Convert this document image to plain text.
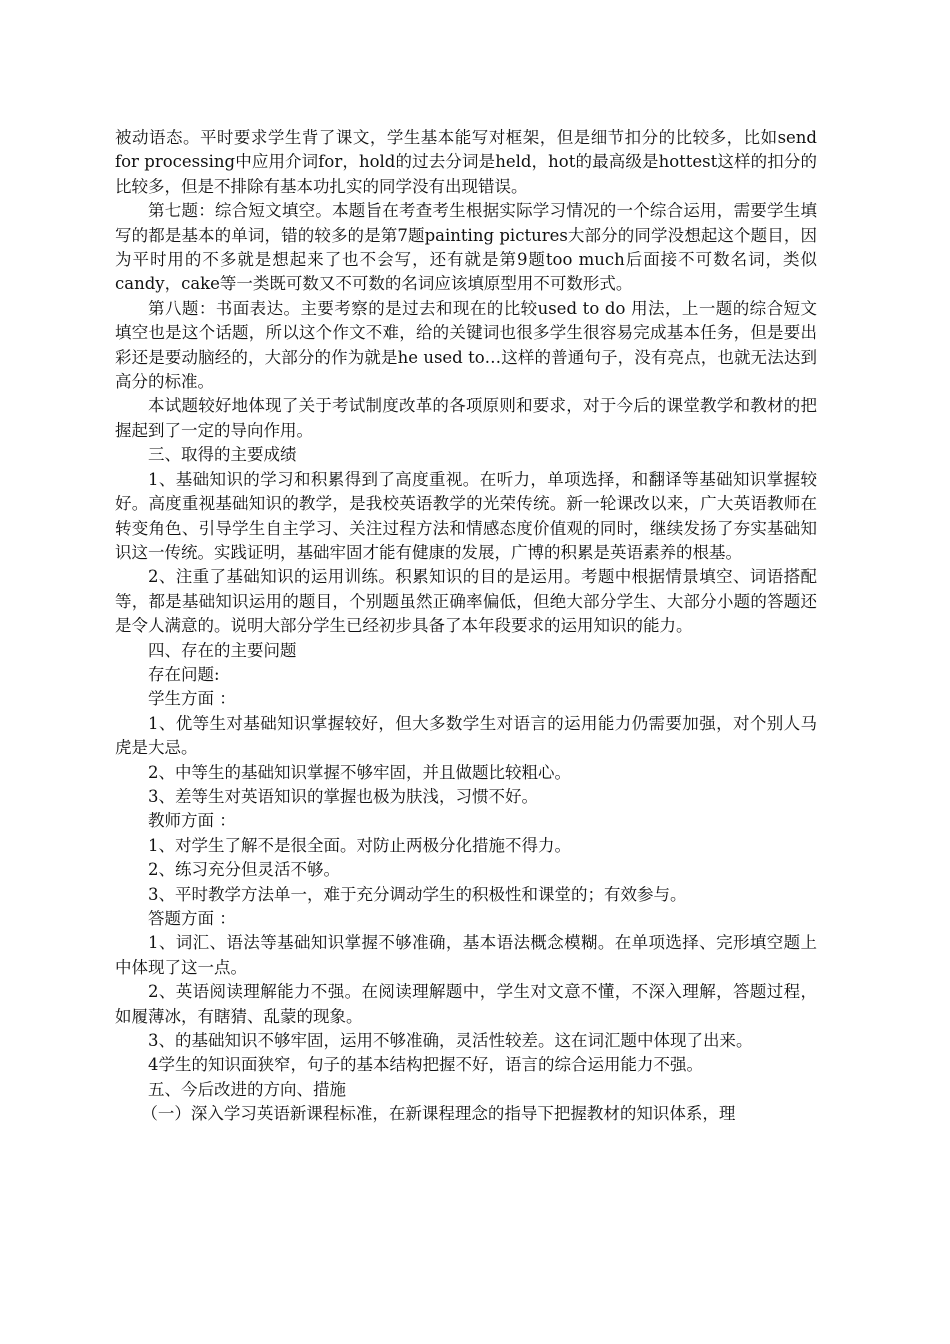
被动语态。平时要求学生背了课文，学生基本能写对框架，但是细节扣分的比较多，比如send for processing中应用介词for，hold的过去分词是held，hot的最高级是hottest这样的扣分的比较多，但是不排除有基本功扎实的同学没有出现错误。

第七题：综合短文填空。本题旨在考查考生根据实际学习情况的一个综合运用，需要学生填写的都是基本的单词，错的较多的是第7题painting pictures大部分的同学没想起这个题目，因为平时用的不多就是想起来了也不会写，还有就是第9题too much后面接不可数名词，类似candy，cake等一类既可数又不可数的名词应该填原型用不可数形式。

第八题：书面表达。主要考察的是过去和现在的比较used to do 用法，上一题的综合短文填空也是这个话题，所以这个作文不难，给的关键词也很多学生很容易完成基本任务，但是要出彩还是要动脑经的，大部分的作为就是he used to…这样的普通句子，没有亮点，也就无法达到高分的标准。

本试题较好地体现了关于考试制度改革的各项原则和要求，对于今后的课堂教学和教材的把握起到了一定的导向作用。

三、取得的主要成绩

1、基础知识的学习和积累得到了高度重视。在听力，单项选择，和翻译等基础知识掌握较好。高度重视基础知识的教学，是我校英语教学的光荣传统。新一轮课改以来，广大英语教师在转变角色、引导学生自主学习、关注过程方法和情感态度价值观的同时，继续发扬了夯实基础知识这一传统。实践证明，基础牢固才能有健康的发展，广博的积累是英语素养的根基。

2、注重了基础知识的运用训练。积累知识的目的是运用。考题中根据情景填空、词语搭配等，都是基础知识运用的题目，个别题虽然正确率偏低，但绝大部分学生、大部分小题的答题还是令人满意的。说明大部分学生已经初步具备了本年段要求的运用知识的能力。

四、存在的主要问题

存在问题:

学生方面 ：

1、优等生对基础知识掌握较好，但大多数学生对语言的运用能力仍需要加强，对个别人马虎是大忌。

2、中等生的基础知识掌握不够牢固，并且做题比较粗心。

3、差等生对英语知识的掌握也极为肤浅，习惯不好。

教师方面 ：

1、对学生了解不是很全面。对防止两极分化措施不得力。

2、练习充分但灵活不够。

3、平时教学方法单一，难于充分调动学生的积极性和课堂的；有效参与。

答题方面 ：

1、词汇、语法等基础知识掌握不够准确，基本语法概念模糊。在单项选择、完形填空题上中体现了这一点。

2、英语阅读理解能力不强。在阅读理解题中，学生对文意不懂，不深入理解，答题过程，如履薄冰，有瞎猜、乱蒙的现象。

3、的基础知识不够牢固，运用不够准确，灵活性较差。这在词汇题中体现了出来。

4学生的知识面狭窄，句子的基本结构把握不好，语言的综合运用能力不强。

五、今后改进的方向、措施

（一）深入学习英语新课程标准，在新课程理念的指导下把握教材的知识体系，理
